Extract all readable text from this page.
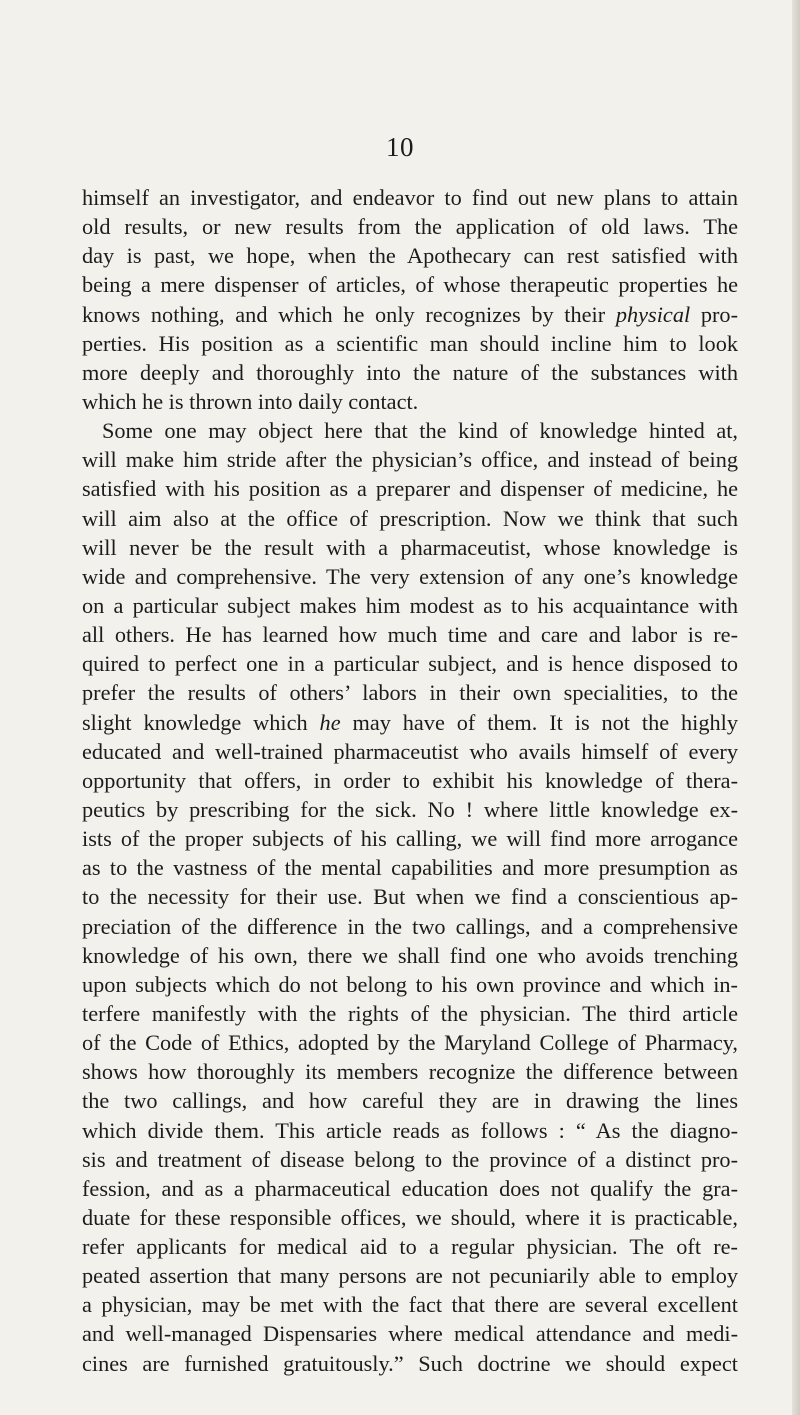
10
himself an investigator, and endeavor to find out new plans to attain
old results, or new results from the application of old laws. The
day is past, we hope, when the Apothecary can rest satisfied with
being a mere dispenser of articles, of whose therapeutic properties he
knows nothing, and which he only recognizes by their physical pro-
perties. His position as a scientific man should incline him to look
more deeply and thoroughly into the nature of the substances with
which he is thrown into daily contact.
Some one may object here that the kind of knowledge hinted at,
will make him stride after the physician’s office, and instead of being
satisfied with his position as a preparer and dispenser of medicine, he
will aim also at the office of prescription. Now we think that such
will never be the result with a pharmaceutist, whose knowledge is
wide and comprehensive. The very extension of any one’s knowledge
on a particular subject makes him modest as to his acquaintance with
all others. He has learned how much time and care and labor is re-
quired to perfect one in a particular subject, and is hence disposed to
prefer the results of others’ labors in their own specialities, to the
slight knowledge which he may have of them. It is not the highly
educated and well-trained pharmaceutist who avails himself of every
opportunity that offers, in order to exhibit his knowledge of thera-
peutics by prescribing for the sick. No ! where little knowledge ex-
ists of the proper subjects of his calling, we will find more arrogance
as to the vastness of the mental capabilities and more presumption as
to the necessity for their use. But when we find a conscientious ap-
preciation of the difference in the two callings, and a comprehensive
knowledge of his own, there we shall find one who avoids trenching
upon subjects which do not belong to his own province and which in-
terfere manifestly with the rights of the physician. The third article
of the Code of Ethics, adopted by the Maryland College of Pharmacy,
shows how thoroughly its members recognize the difference between
the two callings, and how careful they are in drawing the lines
which divide them. This article reads as follows : “ As the diagno-
sis and treatment of disease belong to the province of a distinct pro-
fession, and as a pharmaceutical education does not qualify the gra-
duate for these responsible offices, we should, where it is practicable,
refer applicants for medical aid to a regular physician. The oft re-
peated assertion that many persons are not pecuniarily able to employ
a physician, may be met with the fact that there are several excellent
and well-managed Dispensaries where medical attendance and medi-
cines are furnished gratuitously.” Such doctrine we should expect
